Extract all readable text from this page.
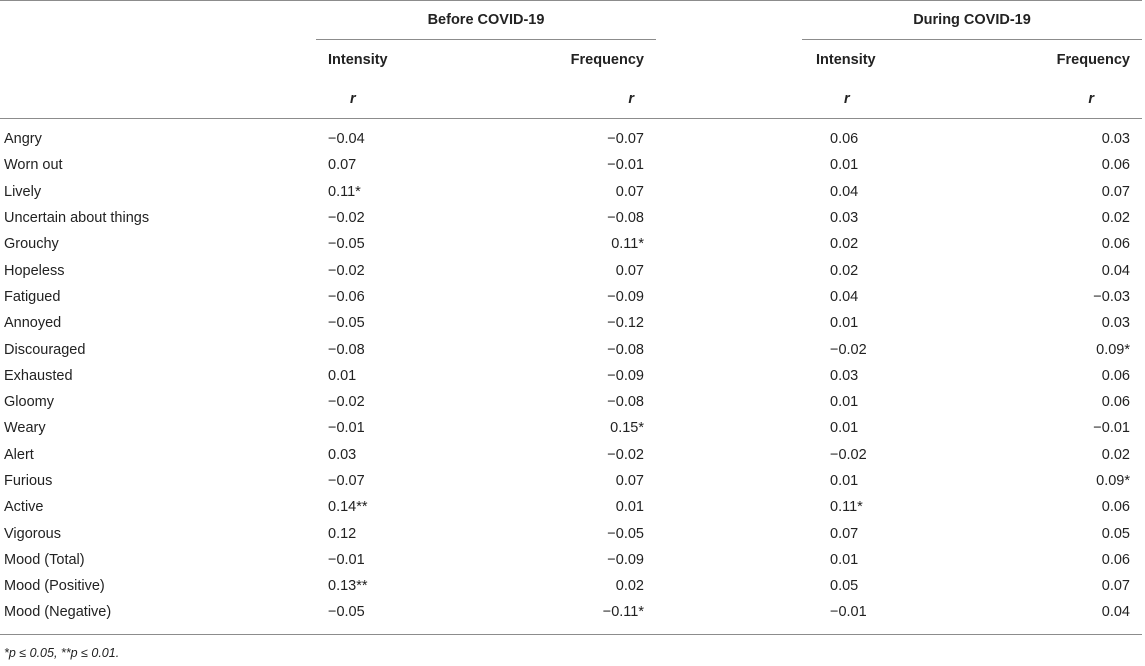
	Before COVID-19			During COVID-19	
	Intensity	Frequency		Intensity	Frequency
	r	r		r	r

Angry	−0.04	−0.07		0.06	0.03
Worn out	0.07	−0.01		0.01	0.06
Lively	0.11*	0.07		0.04	0.07
Uncertain about things	−0.02	−0.08		0.03	0.02
Grouchy	−0.05	0.11*		0.02	0.06
Hopeless	−0.02	0.07		0.02	0.04
Fatigued	−0.06	−0.09		0.04	−0.03
Annoyed	−0.05	−0.12		0.01	0.03
Discouraged	−0.08	−0.08		−0.02	0.09*
Exhausted	0.01	−0.09		0.03	0.06
Gloomy	−0.02	−0.08		0.01	0.06
Weary	−0.01	0.15*		0.01	−0.01
Alert	0.03	−0.02		−0.02	0.02
Furious	−0.07	0.07		0.01	0.09*
Active	0.14**	0.01		0.11*	0.06
Vigorous	0.12	−0.05		0.07	0.05
Mood (Total)	−0.01	−0.09		0.01	0.06
Mood (Positive)	0.13**	0.02		0.05	0.07
Mood (Negative)	−0.05	−0.11*		−0.01	0.04

*p ≤ 0.05, **p ≤ 0.01.
